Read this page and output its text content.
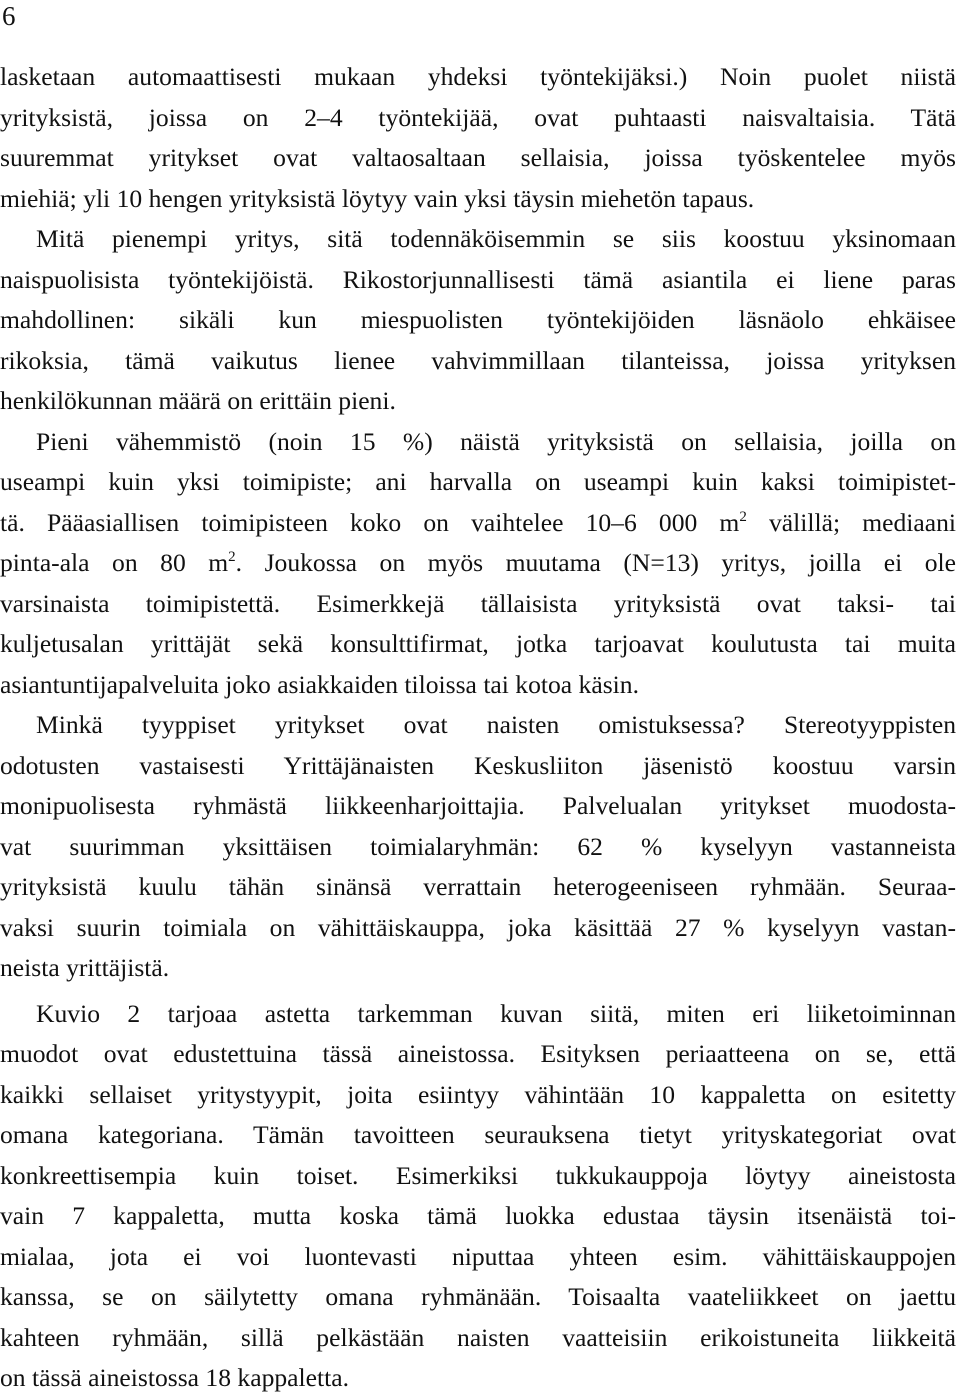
6
lasketaan automaattisesti mukaan yhdeksi työntekijäksi.) Noin puolet niistä
yrityksistä, joissa on 2–4 työntekijää, ovat puhtaasti naisvaltaisia. Tätä
suuremmat yritykset ovat valtaosaltaan sellaisia, joissa työskentelee myös
miehiä; yli 10 hengen yrityksistä löytyy vain yksi täysin miehetön tapaus.
Mitä pienempi yritys, sitä todennäköisemmin se siis koostuu yksinomaan
naispuolisista työntekijöistä. Rikostorjunnallisesti tämä asiantila ei liene paras
mahdollinen: sikäli kun miespuolisten työntekijöiden läsnäolo ehkäisee
rikoksia, tämä vaikutus lienee vahvimmillaan tilanteissa, joissa yrityksen
henkilökunnan määrä on erittäin pieni.
Pieni vähemmistö (noin 15 %) näistä yrityksistä on sellaisia, joilla on
useampi kuin yksi toimipiste; ani harvalla on useampi kuin kaksi toimipistet-
tä. Pääasiallisen toimipisteen koko on vaihtelee 10–6 000 $m^2$ välillä; mediaani
pinta-ala on 80 $m^2$. Joukossa on myös muutama (N=13) yritys, joilla ei ole
varsinaista toimipistettä. Esimerkkejä tällaisista yrityksistä ovat taksi- tai
kuljetusalan yrittäjät sekä konsulttifirmat, jotka tarjoavat koulutusta tai muita
asiantuntijapalveluita joko asiakkaiden tiloissa tai kotoa käsin.
Minkä tyyppiset yritykset ovat naisten omistuksessa? Stereotyyppisten
odotusten vastaisesti Yrittäjänaisten Keskusliiton jäsenistö koostuu varsin
monipuolisesta ryhmästä liikkeenharjoittajia. Palvelualan yritykset muodosta-
vat suurimman yksittäisen toimialaryhmän: 62 % kyselyyn vastanneista
yrityksistä kuulu tähän sinänsä verrattain heterogeeniseen ryhmään. Seuraa-
vaksi suurin toimiala on vähittäiskauppa, joka käsittää 27 % kyselyyn vastan-
neista yrittäjistä.
Kuvio 2 tarjoaa astetta tarkemman kuvan siitä, miten eri liiketoiminnan
muodot ovat edustettuina tässä aineistossa. Esityksen periaatteena on se, että
kaikki sellaiset yritystyypit, joita esiintyy vähintään 10 kappaletta on esitetty
omana kategoriana. Tämän tavoitteen seurauksena tietyt yrityskategoriat ovat
konkreettisempia kuin toiset. Esimerkiksi tukkukauppoja löytyy aineistosta
vain 7 kappaletta, mutta koska tämä luokka edustaa täysin itsenäistä toi-
mialaa, jota ei voi luontevasti niputtaa yhteen esim. vähittäiskauppojen
kanssa, se on säilytetty omana ryhmänään. Toisaalta vaateliikkeet on jaettu
kahteen ryhmään, sillä pelkästään naisten vaatteisiin erikoistuneita liikkeitä
on tässä aineistossa 18 kappaletta.
